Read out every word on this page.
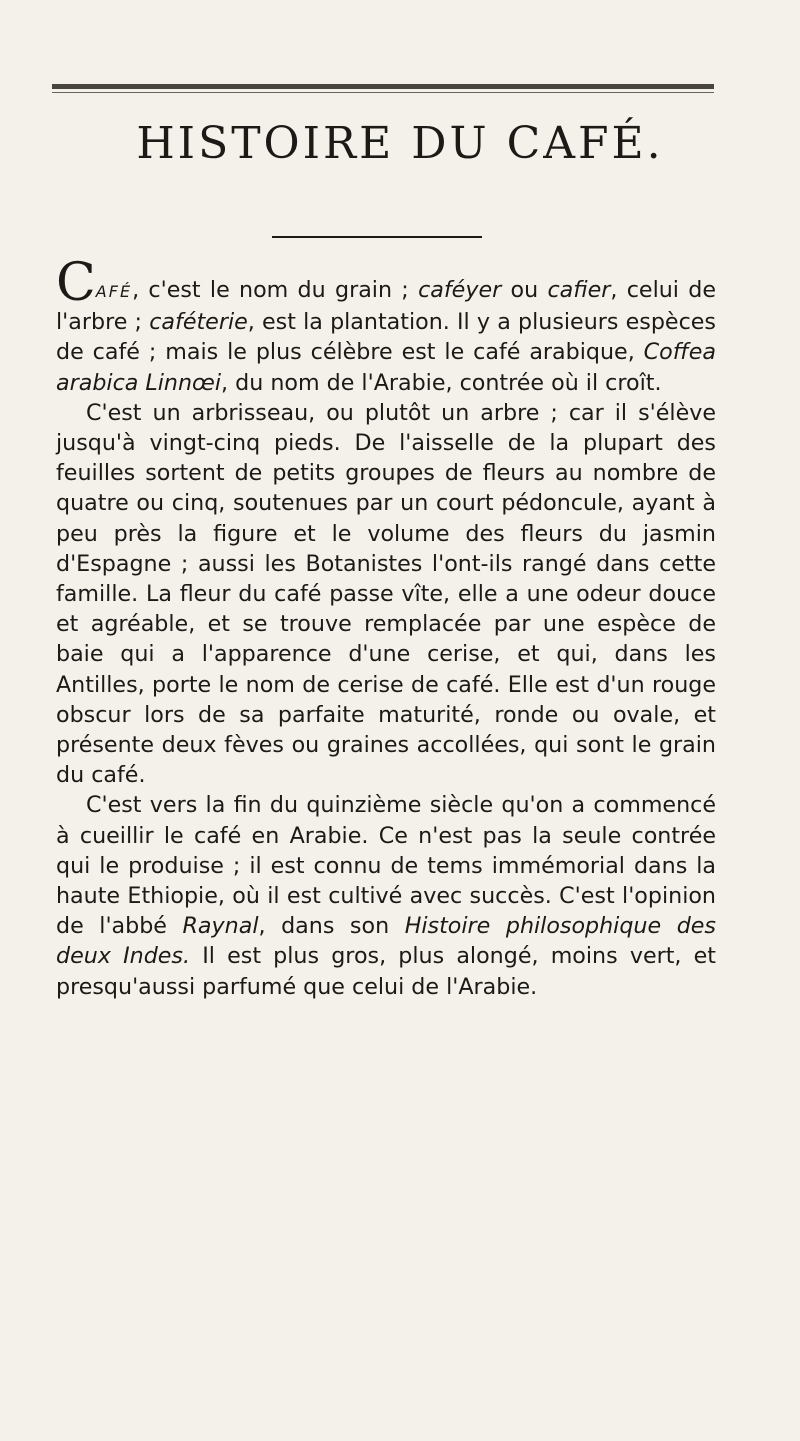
HISTOIRE DU CAFÉ.

CAFÉ, c'est le nom du grain ; caféyer ou cafier, celui de l'arbre ; caféterie, est la plantation. Il y a plusieurs espèces de café ; mais le plus célèbre est le café arabique, Coffea arabica Linnœi, du nom de l'Arabie, contrée où il croît.

C'est un arbrisseau, ou plutôt un arbre ; car il s'élève jusqu'à vingt-cinq pieds. De l'aisselle de la plupart des feuilles sortent de petits groupes de fleurs au nombre de quatre ou cinq, soutenues par un court pédoncule, ayant à peu près la figure et le volume des fleurs du jasmin d'Espagne ; aussi les Botanistes l'ont-ils rangé dans cette famille. La fleur du café passe vîte, elle a une odeur douce et agréable, et se trouve remplacée par une espèce de baie qui a l'apparence d'une cerise, et qui, dans les Antilles, porte le nom de cerise de café. Elle est d'un rouge obscur lors de sa parfaite maturité, ronde ou ovale, et présente deux fèves ou graines accollées, qui sont le grain du café.

C'est vers la fin du quinzième siècle qu'on a commencé à cueillir le café en Arabie. Ce n'est pas la seule contrée qui le produise ; il est connu de tems immémorial dans la haute Ethiopie, où il est cultivé avec succès. C'est l'opinion de l'abbé Raynal, dans son Histoire philosophique des deux Indes. Il est plus gros, plus alongé, moins vert, et presqu'aussi parfumé que celui de l'Arabie.
